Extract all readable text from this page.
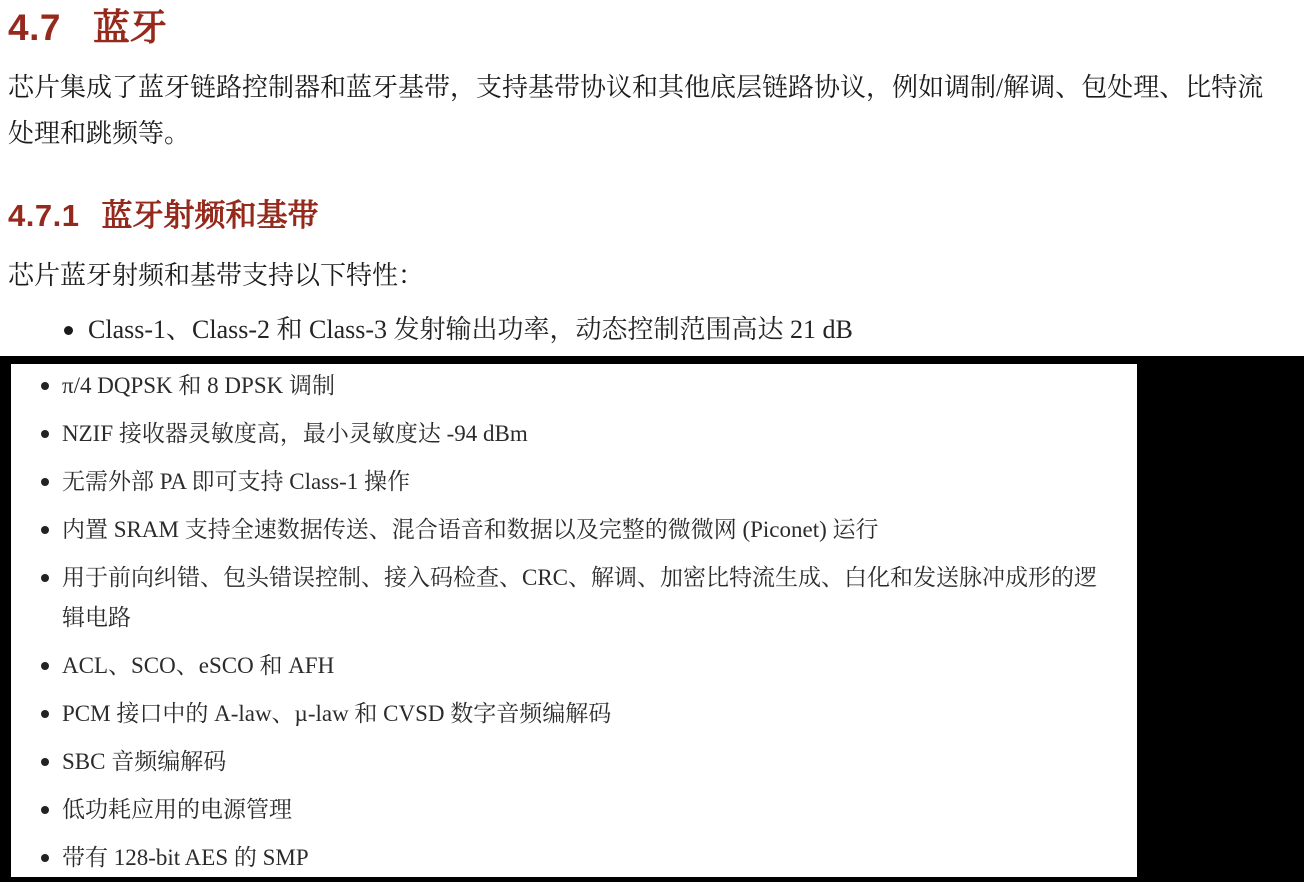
4.7 蓝牙

芯片集成了蓝牙链路控制器和蓝牙基带，支持基带协议和其他底层链路协议，例如调制/解调、包处理、比特流处理和跳频等。

4.7.1 蓝牙射频和基带

芯片蓝牙射频和基带支持以下特性：

Class-1、Class-2 和 Class-3 发射输出功率，动态控制范围高达 21 dB
π/4 DQPSK 和 8 DPSK 调制
NZIF 接收器灵敏度高，最小灵敏度达 -94 dBm
无需外部 PA 即可支持 Class-1 操作
内置 SRAM 支持全速数据传送、混合语音和数据以及完整的微微网 (Piconet) 运行
用于前向纠错、包头错误控制、接入码检查、CRC、解调、加密比特流生成、白化和发送脉冲成形的逻辑电路
ACL、SCO、eSCO 和 AFH
PCM 接口中的 A-law、µ-law 和 CVSD 数字音频编解码
SBC 音频编解码
低功耗应用的电源管理
带有 128-bit AES 的 SMP
